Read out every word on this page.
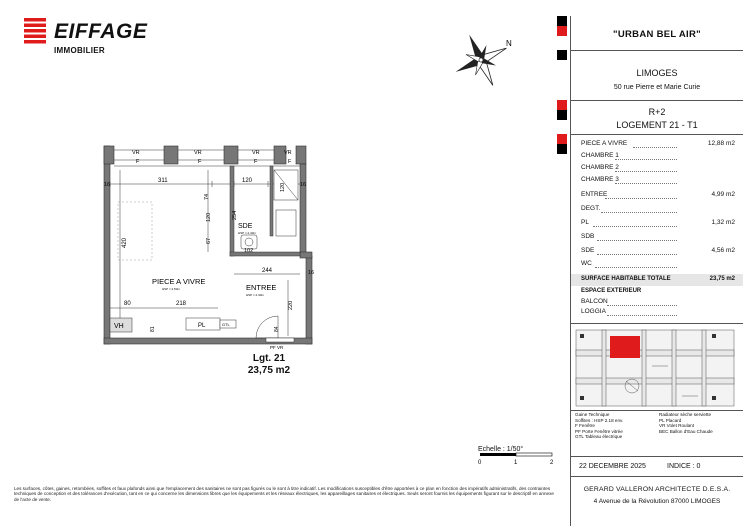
EIFFAGE
IMMOBILIER
N
VR	VR	VR	VR
F	F	F	F
16
311
74
120
16
120
254
120
67
102
SDE
HSP = 2.40m
420
244	16
80	218	220
81	84
PIECE A VIVRE
HSP = 2.50m	ENTREE
HSP = 2.40m
PL	GTL
VH
PF VR
Lgt. 21
23,75 m2
Echelle : 1/50°
0	1	2
Les surfaces, côtes, gaines, retombées, soffites et faux plafonds ainsi que l'emplacement des sanitaires ne sont pas figurés ou le sont à titre indicatif. Les modifications susceptibles d'être apportées à ce plan en fonction des impératifs administratifs, des contraintes techniques de conception et des tolérances d'exécution, tant en ce qui concerne les dimensions libres que les équipements et les réseaux électriques, les appareillages sanitaires et électriques. Seuls seront fournis les équipements figurant sur le descriptif en annexe de l'acte de vente.
"URBAN BEL AIR"
LIMOGES
50 rue Pierre et Marie Curie
R+2
LOGEMENT 21 - T1
PIECE A VIVRE	12,88 m2
CHAMBRE 1
CHAMBRE 2
CHAMBRE 3
ENTREE	4,99 m2
DEGT.
PL	1,32 m2
SDB
SDE	4,56 m2
WC
SURFACE HABITABLE TOTALE	23,75 m2
ESPACE EXTERIEUR
BALCON
LOGGIA
Gaine Technique
Soffites : HSP 2.18 env.
F Fenêtre
PF Porte Fenêtre vitrée
GTL Tableau électrique
Radiateur sèche serviette
PL Placard
VR Volet Roulant
BEC Ballon d'Eau Chaude
22 DECEMBRE 2025	INDICE : 0
GERARD VALLERON ARCHITECTE D.E.S.A.
4 Avenue de la Révolution 87000 LIMOGES
